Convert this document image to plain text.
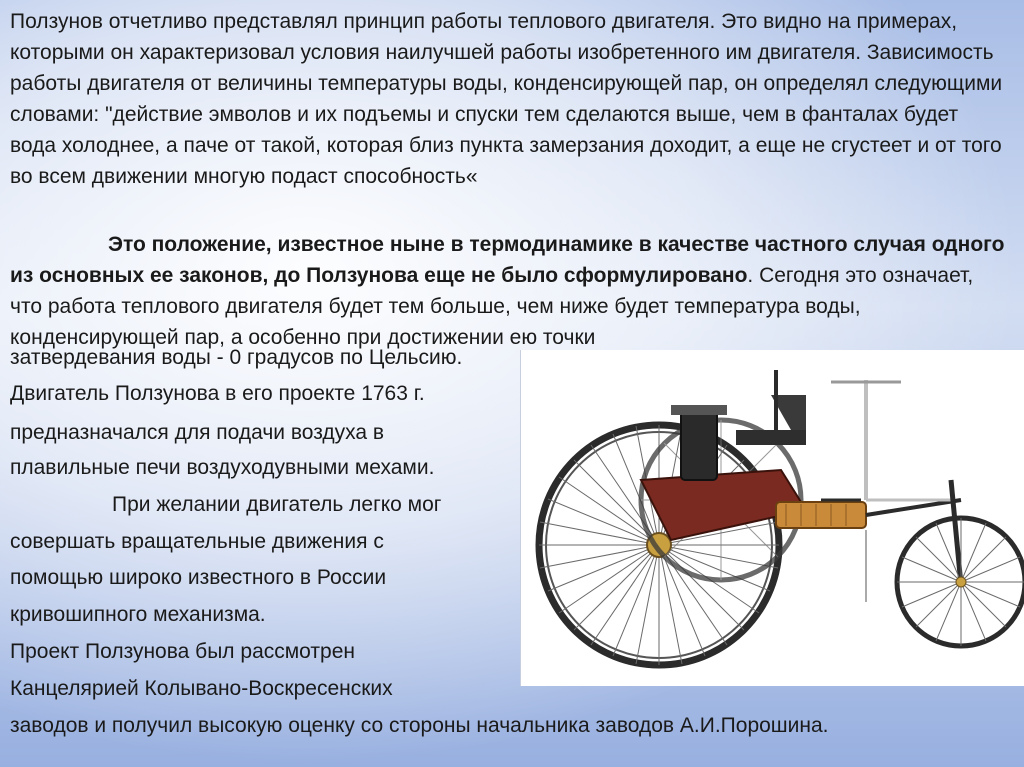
Ползунов отчетливо представлял принцип работы теплового двигателя. Это видно на примерах, которыми он характеризовал условия наилучшей работы изобретенного им двигателя. Зависимость работы двигателя от величины температуры воды, конденсирующей пар, он определял следующими словами: "действие эмволов и их подъемы и спуски тем сделаются выше, чем в фанталах будет вода холоднее, а паче от такой, которая близ пункта замерзания доходит, а еще не сгустеет и от того во всем движении многую подаст способность«

Это положение, известное ныне в термодинамике в качестве частного случая одного из основных ее законов, до Ползунова еще не было сформулировано. Сегодня это означает, что работа теплового двигателя будет тем больше, чем ниже будет температура воды, конденсирующей пар, а особенно при достижении ею точки

затвердевания воды - 0 градусов по Цельсию.

Двигатель Ползунова в его проекте 1763 г.

предназначался для подачи воздуха в

плавильные печи воздуходувными мехами.

При желании двигатель легко мог

совершать вращательные движения с

помощью широко известного в России

кривошипного механизма.

Проект Ползунова был рассмотрен

Канцелярией Колывано-Воскресенских

заводов и получил высокую оценку со стороны начальника заводов А.И.Порошина.
